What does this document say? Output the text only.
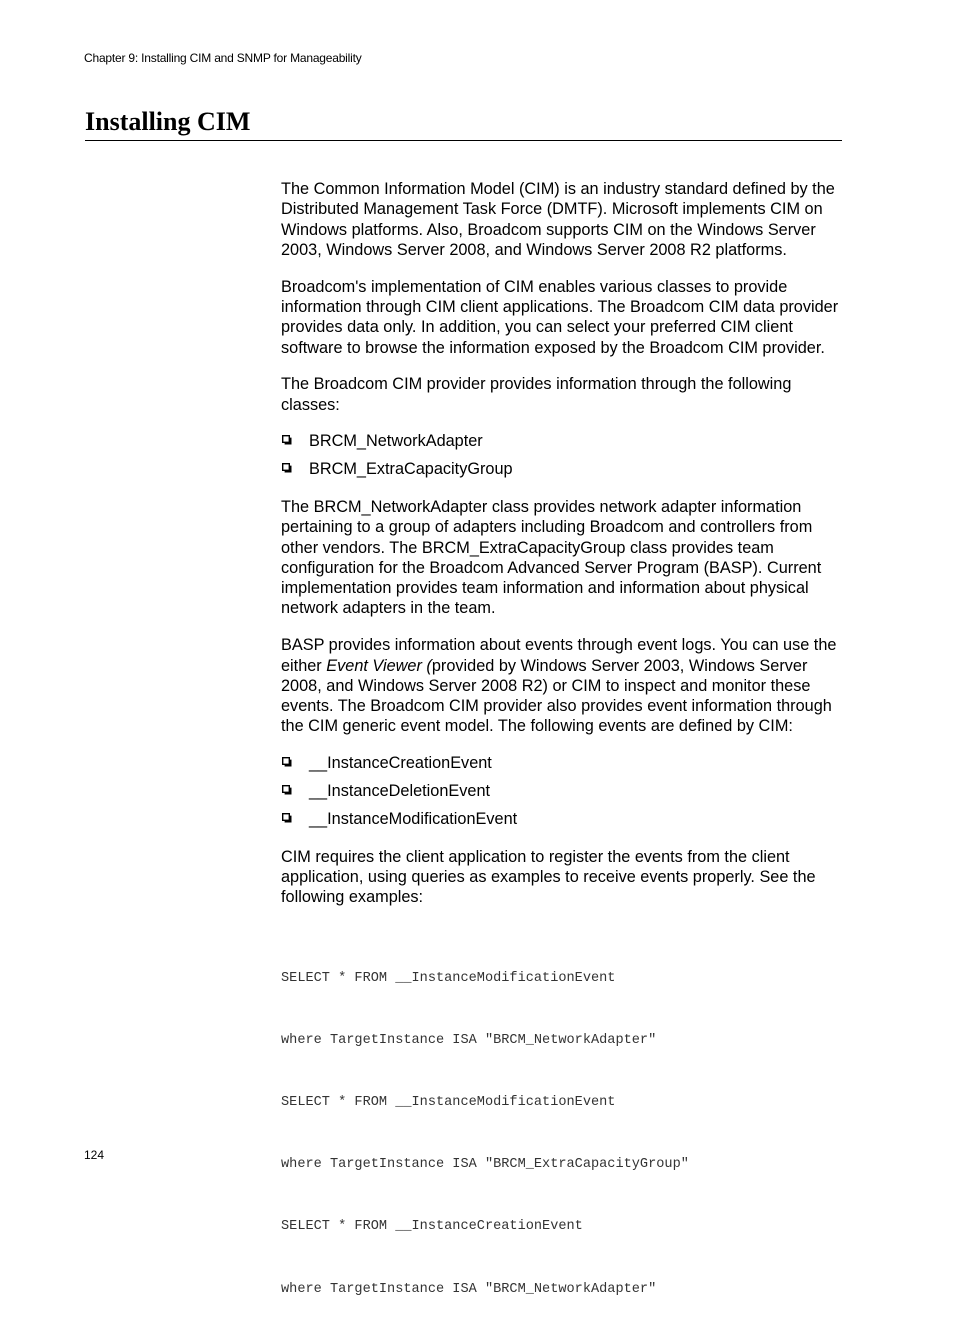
Chapter 9: Installing CIM and SNMP for Manageability
Installing CIM

The Common Information Model (CIM) is an industry standard defined by the Distributed Management Task Force (DMTF). Microsoft implements CIM on Windows platforms. Also, Broadcom supports CIM on the Windows Server 2003, Windows Server 2008, and Windows Server 2008 R2 platforms.

Broadcom's implementation of CIM enables various classes to provide information through CIM client applications. The Broadcom CIM data provider provides data only. In addition, you can select your preferred CIM client software to browse the information exposed by the Broadcom CIM provider.

The Broadcom CIM provider provides information through the following classes:

BRCM_NetworkAdapter
BRCM_ExtraCapacityGroup

The BRCM_NetworkAdapter class provides network adapter information pertaining to a group of adapters including Broadcom and controllers from other vendors. The BRCM_ExtraCapacityGroup class provides team configuration for the Broadcom Advanced Server Program (BASP). Current implementation provides team information and information about physical network adapters in the team.

BASP provides information about events through event logs. You can use the either Event Viewer (provided by Windows Server 2003, Windows Server 2008, and Windows Server 2008 R2) or CIM to inspect and monitor these events. The Broadcom CIM provider also provides event information through the CIM generic event model. The following events are defined by CIM:

__InstanceCreationEvent
__InstanceDeletionEvent
__InstanceModificationEvent

CIM requires the client application to register the events from the client application, using queries as examples to receive events properly. See the following examples:

SELECT * FROM __InstanceModificationEvent

where TargetInstance ISA "BRCM_NetworkAdapter"

SELECT * FROM __InstanceModificationEvent

where TargetInstance ISA "BRCM_ExtraCapacityGroup"

SELECT * FROM __InstanceCreationEvent

where TargetInstance ISA "BRCM_NetworkAdapter"

124
